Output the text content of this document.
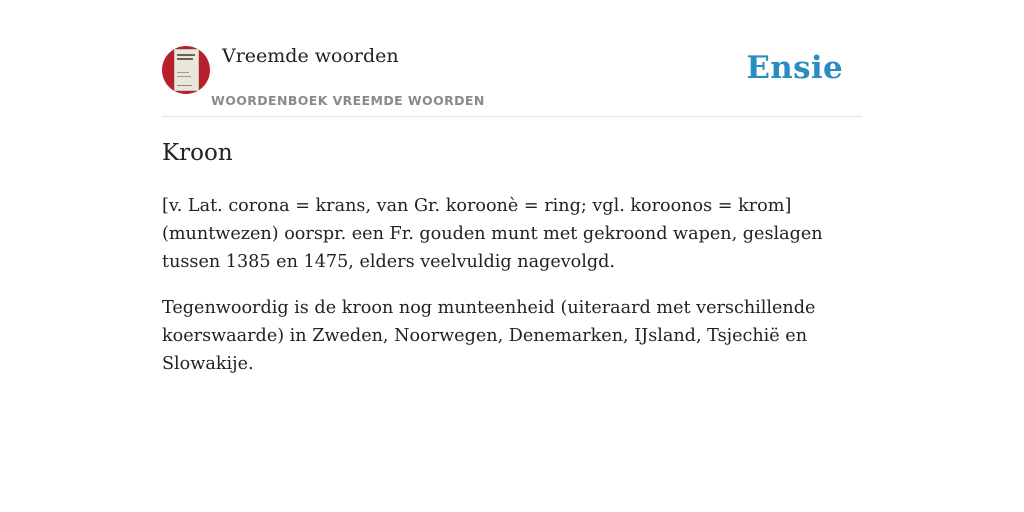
Vreemde woorden
WOORDENBOEK VREEMDE WOORDEN
Ensie
Kroon

[v. Lat. corona = krans, van Gr. koroonè = ring; vgl. koroonos = krom] (muntwezen) oorspr. een Fr. gouden munt met gekroond wapen, geslagen tussen 1385 en 1475, elders veelvuldig nagevolgd.

Tegenwoordig is de kroon nog munteenheid (uiteraard met verschillende koerswaarde) in Zweden, Noorwegen, Denemarken, IJsland, Tsjechië en Slowakije.
